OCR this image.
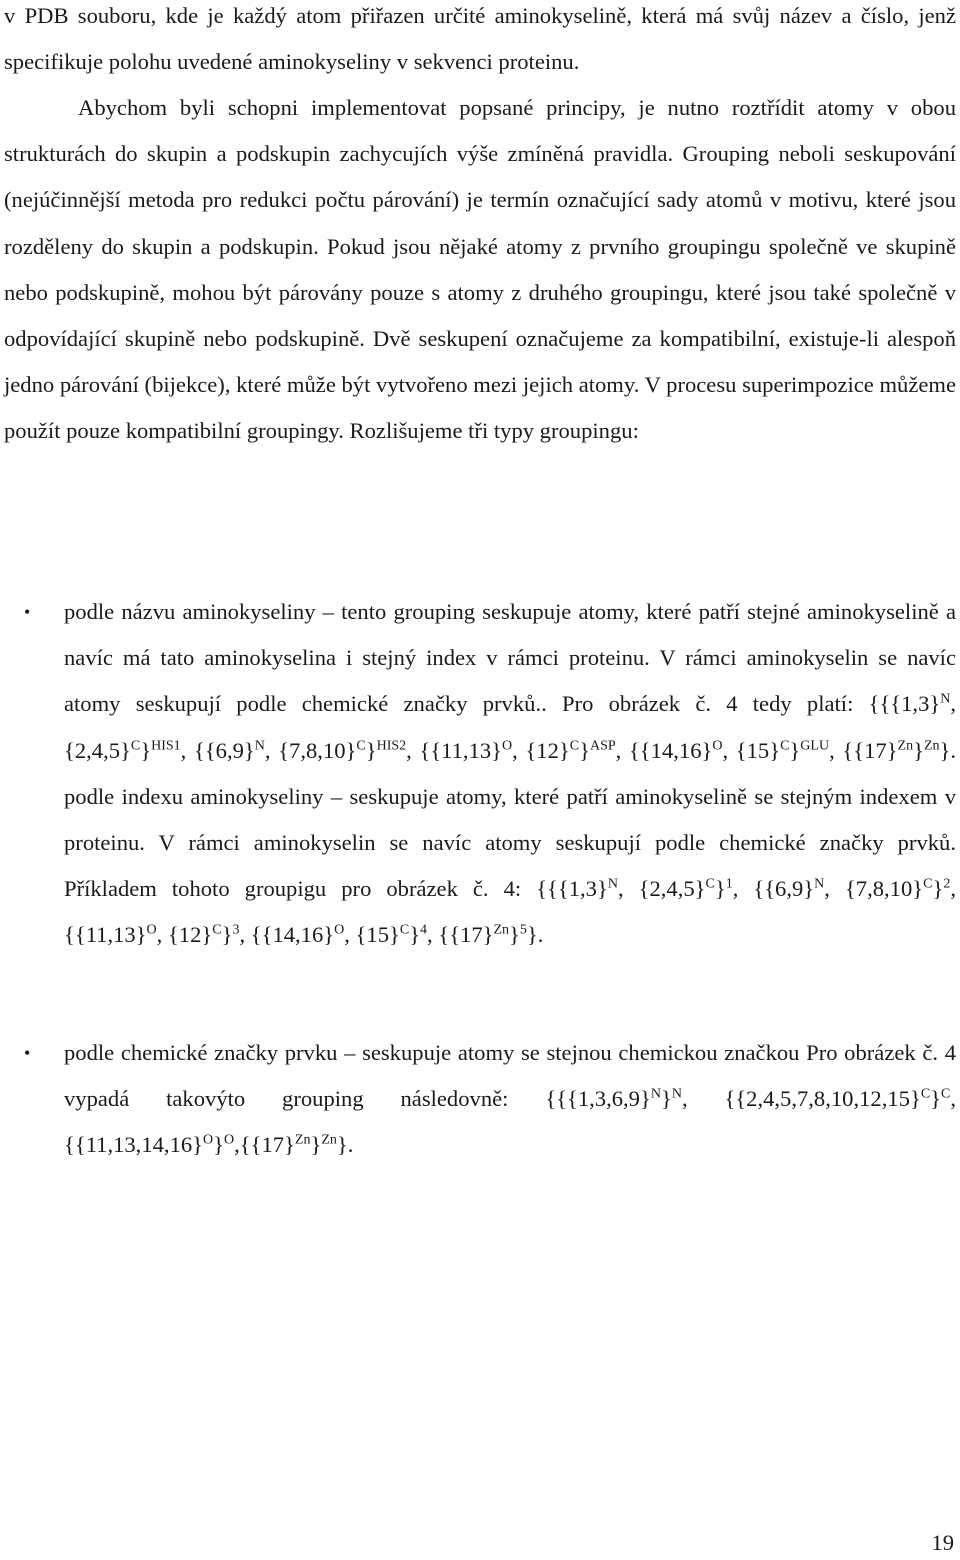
v PDB souboru, kde je každý atom přiřazen určité aminokyselině, která má svůj název a číslo, jenž specifikuje polohu uvedené aminokyseliny v sekvenci proteinu.
Abychom byli schopni implementovat popsané principy, je nutno roztřídit atomy v obou strukturách do skupin a podskupin zachycujích výše zmíněná pravidla. Grouping neboli seskupování (nejúčinnější metoda pro redukci počtu párování) je termín označující sady atomů v motivu, které jsou rozděleny do skupin a podskupin. Pokud jsou nějaké atomy z prvního groupingu společně ve skupině nebo podskupině, mohou být párovány pouze s atomy z druhého groupingu, které jsou také společně v odpovídající skupině nebo podskupině. Dvě seskupení označujeme za kompatibilní, existuje-li alespoň jedno párování (bijekce), které může být vytvořeno mezi jejich atomy. V procesu superimpozice můžeme použít pouze kompatibilní groupingy. Rozlišujeme tři typy groupingu:
• podle názvu aminokyseliny – tento grouping seskupuje atomy, které patří stejné aminokyselině a navíc má tato aminokyselina i stejný index v rámci proteinu. V rámci aminokyselin se navíc atomy seskupují podle chemické značky prvků.. Pro obrázek č. 4 tedy platí: {{$\{1,3\}^N$, $\{2,4,5\}^C\}^{HIS1}$, {$\{6,9\}^N$, $\{7,8,10\}^C\}^{HIS2}$, {$\{11,13\}^O$, $\{12\}^C\}^{ASP}$, {$\{14,16\}^O$, $\{15\}^C\}^{GLU}$, $\{\{17\}^{Zn}\}^{Zn}$}. podle indexu aminokyseliny – seskupuje atomy, které patří aminokyselině se stejným indexem v proteinu. V rámci aminokyselin se navíc atomy seskupují podle chemické značky prvků. Příkladem tohoto groupigu pro obrázek č. 4: {{$\{1,3\}^N$, $\{2,4,5\}^C\}^1$, {$\{6,9\}^N$, $\{7,8,10\}^C\}^2$, {$\{11,13\}^O$, $\{12\}^C\}^3$, {$\{14,16\}^O$, $\{15\}^C\}^4$, $\{\{17\}^{Zn}\}^5$}.
• podle chemické značky prvku – seskupuje atomy se stejnou chemickou značkou Pro obrázek č. 4 vypadá takovýto grouping následovně: {$\{\{1,3,6,9\}^N\}^N$, $\{\{2,4,5,7,8,10,12,15\}^C\}^C$, $\{\{11,13,14,16\}^O\}^O,\{\{17\}^{Zn}\}^{Zn}$}.
19
